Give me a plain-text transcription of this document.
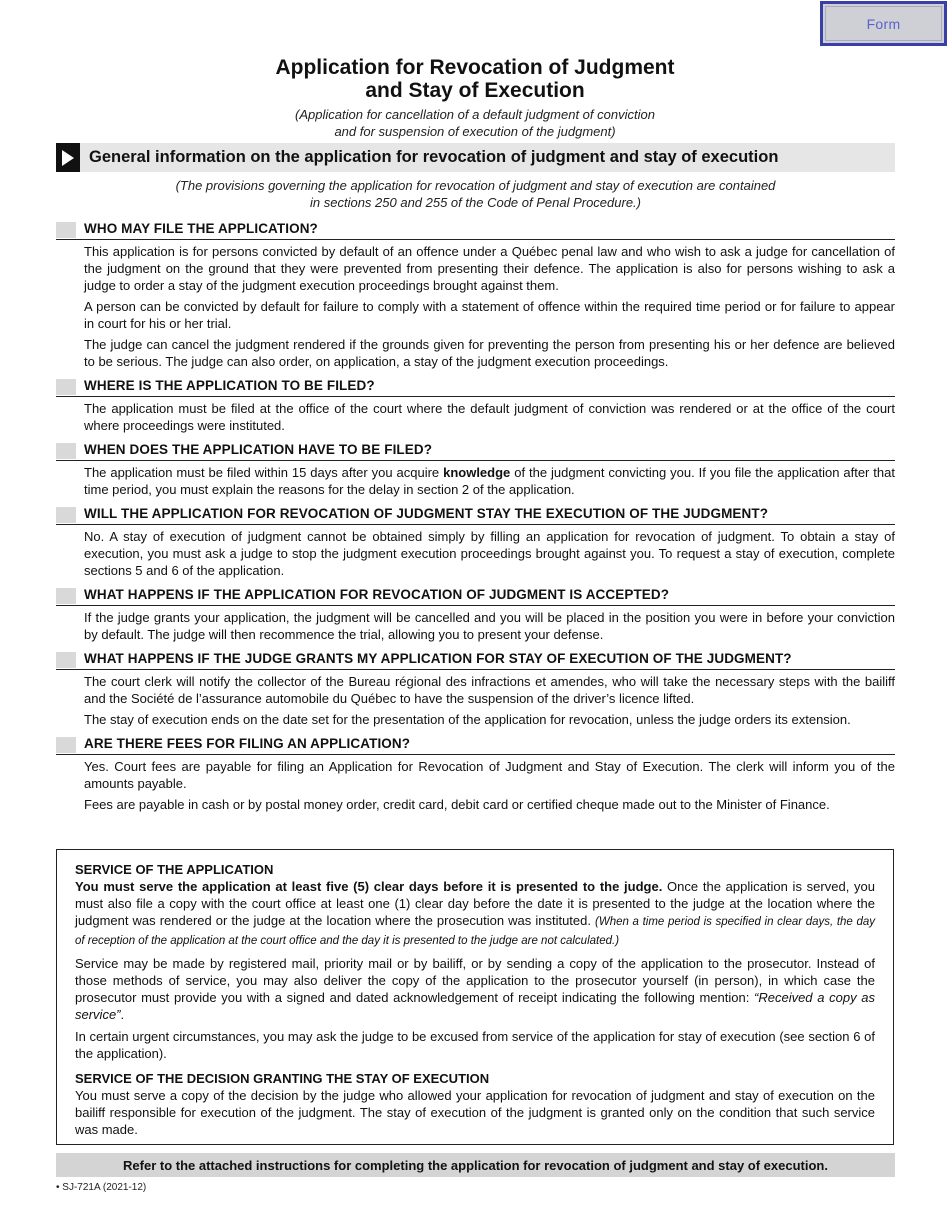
Form
Application for Revocation of Judgment
and Stay of Execution
(Application for cancellation of a default judgment of conviction
and for suspension of execution of the judgment)
General information on the application for revocation of judgment and stay of execution
(The provisions governing the application for revocation of judgment and stay of execution are contained
in sections 250 and 255 of the Code of Penal Procedure.)
WHO MAY FILE THE APPLICATION?

This application is for persons convicted by default of an offence under a Québec penal law and who wish to ask a judge for cancellation of the judgment on the ground that they were prevented from presenting their defence. The application is also for persons wishing to ask a judge to order a stay of the judgment execution proceedings brought against them.

A person can be convicted by default for failure to comply with a statement of offence within the required time period or for failure to appear in court for his or her trial.

The judge can cancel the judgment rendered if the grounds given for preventing the person from presenting his or her defence are believed to be serious. The judge can also order, on application, a stay of the judgment execution proceedings.

WHERE IS THE APPLICATION TO BE FILED?

The application must be filed at the office of the court where the default judgment of conviction was rendered or at the office of the court where proceedings were instituted.

WHEN DOES THE APPLICATION HAVE TO BE FILED?

The application must be filed within 15 days after you acquire knowledge of the judgment convicting you. If you file the application after that time period, you must explain the reasons for the delay in section 2 of the application.

WILL THE APPLICATION FOR REVOCATION OF JUDGMENT STAY THE EXECUTION OF THE JUDGMENT?

No. A stay of execution of judgment cannot be obtained simply by filling an application for revocation of judgment. To obtain a stay of execution, you must ask a judge to stop the judgment execution proceedings brought against you. To request a stay of execution, complete sections 5 and 6 of the application.

WHAT HAPPENS IF THE APPLICATION FOR REVOCATION OF JUDGMENT IS ACCEPTED?

If the judge grants your application, the judgment will be cancelled and you will be placed in the position you were in before your conviction by default. The judge will then recommence the trial, allowing you to present your defense.

WHAT HAPPENS IF THE JUDGE GRANTS MY APPLICATION FOR STAY OF EXECUTION OF THE JUDGMENT?

The court clerk will notify the collector of the Bureau régional des infractions et amendes, who will take the necessary steps with the bailiff and the Société de l’assurance automobile du Québec to have the suspension of the driver’s licence lifted.

The stay of execution ends on the date set for the presentation of the application for revocation, unless the judge orders its extension.

ARE THERE FEES FOR FILING AN APPLICATION?

Yes. Court fees are payable for filing an Application for Revocation of Judgment and Stay of Execution. The clerk will inform you of the amounts payable.

Fees are payable in cash or by postal money order, credit card, debit card or certified cheque made out to the Minister of Finance.

SERVICE OF THE APPLICATION

You must serve the application at least five (5) clear days before it is presented to the judge. Once the application is served, you must also file a copy with the court office at least one (1) clear day before the date it is presented to the judge at the location where the judgment was rendered or the judge at the location where the prosecution was instituted. (When a time period is specified in clear days, the day of reception of the application at the court office and the day it is presented to the judge are not calculated.)

Service may be made by registered mail, priority mail or by bailiff, or by sending a copy of the application to the prosecutor. Instead of those methods of service, you may also deliver the copy of the application to the prosecutor yourself (in person), in which case the prosecutor must provide you with a signed and dated acknowledgement of receipt indicating the following mention: “Received a copy as service”.

In certain urgent circumstances, you may ask the judge to be excused from service of the application for stay of execution (see section 6 of the application).

SERVICE OF THE DECISION GRANTING THE STAY OF EXECUTION

You must serve a copy of the decision by the judge who allowed your application for revocation of judgment and stay of execution on the bailiff responsible for execution of the judgment. The stay of execution of the judgment is granted only on the condition that such service was made.

Refer to the attached instructions for completing the application for revocation of judgment and stay of execution.
• SJ-721A (2021-12)
